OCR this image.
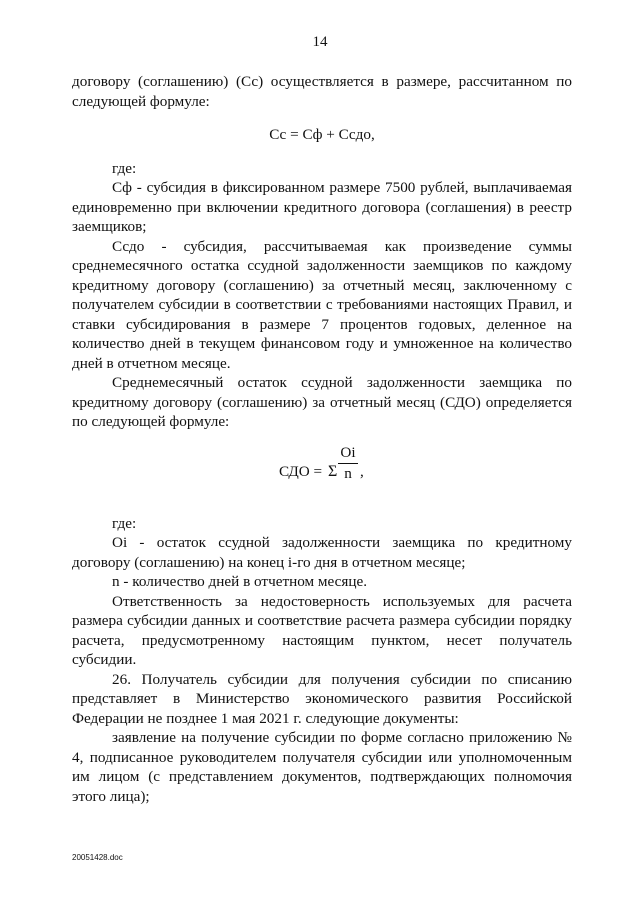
14

договору (соглашению) (Сс) осуществляется в размере, рассчитанном по следующей формуле:

Сс = Сф + Ссдо,

где:

Сф - субсидия в фиксированном размере 7500 рублей, выплачиваемая единовременно при включении кредитного договора (соглашения) в реестр заемщиков;

Ссдо - субсидия, рассчитываемая как произведение суммы среднемесячного остатка ссудной задолженности заемщиков по каждому кредитному договору (соглашению) за отчетный месяц, заключенному с получателем субсидии в соответствии с требованиями настоящих Правил, и ставки субсидирования в размере 7 процентов годовых, деленное на количество дней в текущем финансовом году и умноженное на количество дней в отчетном месяце.

Среднемесячный остаток ссудной задолженности заемщика по кредитному договору (соглашению) за отчетный месяц (СДО) определяется по следующей формуле:

СДО = Σ
Oi
n ,

где:

Oi - остаток ссудной задолженности заемщика по кредитному договору (соглашению) на конец i-го дня в отчетном месяце;

n - количество дней в отчетном месяце.

Ответственность за недостоверность используемых для расчета размера субсидии данных и соответствие расчета размера субсидии порядку расчета, предусмотренному настоящим пунктом, несет получатель субсидии.

26. Получатель субсидии для получения субсидии по списанию представляет в Министерство экономического развития Российской Федерации не позднее 1 мая 2021 г. следующие документы:

заявление на получение субсидии по форме согласно приложению № 4, подписанное руководителем получателя субсидии или уполномоченным им лицом (с представлением документов, подтверждающих полномочия этого лица);

20051428.doc
